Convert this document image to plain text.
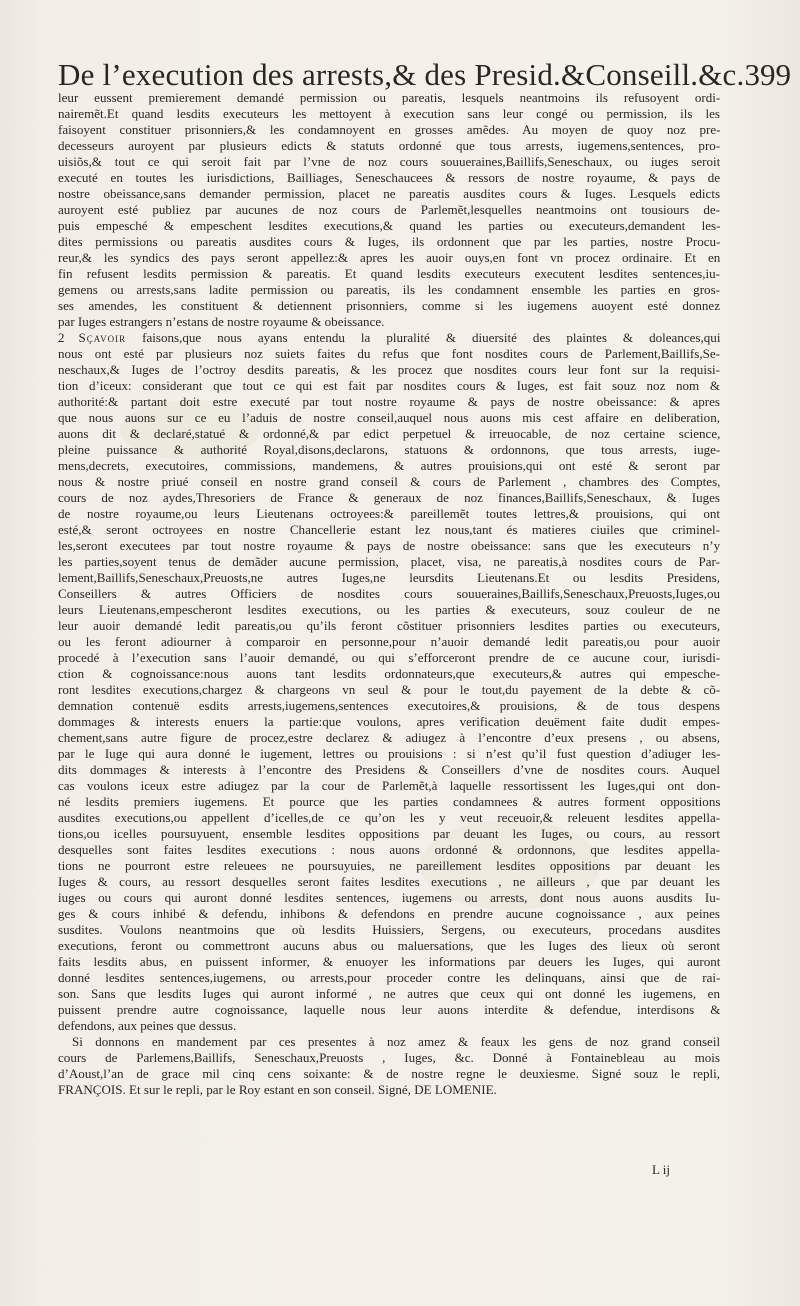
De l’execution des arrests,& des Presid.&Conseill.&c. 399
leur eussent premierement demandé permission ou pareatis, lesquels neantmoins ils refusoyent ordi-
nairemẽt.Et quand lesdits executeurs les mettoyent à execution sans leur congé ou permission, ils les
faisoyent constituer prisonniers,& les condamnoyent en grosses amẽdes. Au moyen de quoy noz pre-
decesseurs auroyent par plusieurs edicts & statuts ordonné que tous arrests, iugemens,sentences, pro-
uisiõs,& tout ce qui seroit fait par l’vne de noz cours souueraines,Baillifs,Seneschaux, ou iuges seroit
executé en toutes les iurisdictions, Bailliages, Seneschaucees & ressors de nostre royaume, & pays de
nostre obeissance,sans demander permission, placet ne pareatis ausdites cours & Iuges. Lesquels edicts
auroyent esté publiez par aucunes de noz cours de Parlemẽt,lesquelles neantmoins ont tousiours de-
puis empesché & empeschent lesdites executions,& quand les parties ou executeurs,demandent les-
dites permissions ou pareatis ausdites cours & Iuges, ils ordonnent que par les parties, nostre Procu-
reur,& les syndics des pays seront appellez:& apres les auoir ouys,en font vn procez ordinaire. Et en
fin refusent lesdits permission & pareatis. Et quand lesdits executeurs executent lesdites sentences,iu-
gemens ou arrests,sans ladite permission ou pareatis, ils les condamnent ensemble les parties en gros-
ses amendes, les constituent & detiennent prisonniers, comme si les iugemens auoyent esté donnez
par Iuges estrangers n’estans de nostre royaume & obeissance.
2 Sçavoir faisons,que nous ayans entendu la pluralité & diuersité des plaintes & doleances,qui
nous ont esté par plusieurs noz suiets faites du refus que font nosdites cours de Parlement,Baillifs,Se-
neschaux,& Iuges de l’octroy desdits pareatis, & les procez que nosdites cours leur font sur la requisi-
tion d’iceux: considerant que tout ce qui est fait par nosdites cours & Iuges, est fait souz noz nom &
authorité:& partant doit estre executé par tout nostre royaume & pays de nostre obeissance: & apres
que nous auons sur ce eu l’aduis de nostre conseil,auquel nous auons mis cest affaire en deliberation,
auons dit & declaré,statué & ordonné,& par edict perpetuel & irreuocable, de noz certaine science,
pleine puissance & authorité Royal,disons,declarons, statuons & ordonnons, que tous arrests, iuge-
mens,decrets, executoires, commissions, mandemens, & autres prouisions,qui ont esté & seront par
nous & nostre priué conseil en nostre grand conseil & cours de Parlement , chambres des Comptes,
cours de noz aydes,Thresoriers de France & generaux de noz finances,Baillifs,Seneschaux, & Iuges
de nostre royaume,ou leurs Lieutenans octroyees:& pareillemẽt toutes lettres,& prouisions, qui ont
esté,& seront octroyees en nostre Chancellerie estant lez nous,tant és matieres ciuiles que criminel-
les,seront executees par tout nostre royaume & pays de nostre obeissance: sans que les executeurs n’y
les parties,soyent tenus de demãder aucune permission, placet, visa, ne pareatis,à nosdites cours de Par-
lement,Baillifs,Seneschaux,Preuosts,ne autres Iuges,ne leursdits Lieutenans.Et ou lesdits Presidens,
Conseillers & autres Officiers de nosdites cours souueraines,Baillifs,Seneschaux,Preuosts,Iuges,ou
leurs Lieutenans,empescheront lesdites executions, ou les parties & executeurs, souz couleur de ne
leur auoir demandé ledit pareatis,ou qu’ils feront cõstituer prisonniers lesdites parties ou executeurs,
ou les feront adiourner à comparoir en personne,pour n’auoir demandé ledit pareatis,ou pour auoir
procedé à l’execution sans l’auoir demandé, ou qui s’efforceront prendre de ce aucune cour, iurisdi-
ction & cognoissance:nous auons tant lesdits ordonnateurs,que executeurs,& autres qui empesche-
ront lesdites executions,chargez & chargeons vn seul & pour le tout,du payement de la debte & cõ-
demnation contenuë esdits arrests,iugemens,sentences executoires,& prouisions, & de tous despens
dommages & interests enuers la partie:que voulons, apres verification deuëment faite dudit empes-
chement,sans autre figure de procez,estre declarez & adiugez à l’encontre d’eux presens , ou absens,
par le Iuge qui aura donné le iugement, lettres ou prouisions : si n’est qu’il fust question d’adiuger les-
dits dommages & interests à l’encontre des Presidens & Conseillers d’vne de nosdites cours. Auquel
cas voulons iceux estre adiugez par la cour de Parlemẽt,à laquelle ressortissent les Iuges,qui ont don-
né lesdits premiers iugemens. Et pource que les parties condamnees & autres forment oppositions
ausdites executions,ou appellent d’icelles,de ce qu’on les y veut receuoir,& releuent lesdites appella-
tions,ou icelles poursuyuent, ensemble lesdites oppositions par deuant les Iuges, ou cours, au ressort
desquelles sont faites lesdites executions : nous auons ordonné & ordonnons, que lesdites appella-
tions ne pourront estre releuees ne poursuyuies, ne pareillement lesdites oppositions par deuant les
Iuges & cours, au ressort desquelles seront faites lesdites executions , ne ailleurs , que par deuant les
iuges ou cours qui auront donné lesdites sentences, iugemens ou arrests, dont nous auons ausdits Iu-
ges & cours inhibé & defendu, inhibons & defendons en prendre aucune cognoissance , aux peines
susdites. Voulons neantmoins que où lesdits Huissiers, Sergens, ou executeurs, procedans ausdites
executions, feront ou commettront aucuns abus ou maluersations, que les Iuges des lieux où seront
faits lesdits abus, en puissent informer, & enuoyer les informations par deuers les Iuges, qui auront
donné lesdites sentences,iugemens, ou arrests,pour proceder contre les delinquans, ainsi que de rai-
son. Sans que lesdits Iuges qui auront informé , ne autres que ceux qui ont donné les iugemens, en
puissent prendre autre cognoissance, laquelle nous leur auons interdite & defendue, interdisons &
defendons, aux peines que dessus.
Si donnons en mandement par ces presentes à noz amez & feaux les gens de noz grand conseil
cours de Parlemens,Baillifs, Seneschaux,Preuosts , Iuges, &c. Donné à Fontainebleau au mois
d’Aoust,l’an de grace mil cinq cens soixante: & de nostre regne le deuxiesme. Signé souz le repli,
FRANÇOIS. Et sur le repli, par le Roy estant en son conseil. Signé, DE LOMENIE.
L ij
